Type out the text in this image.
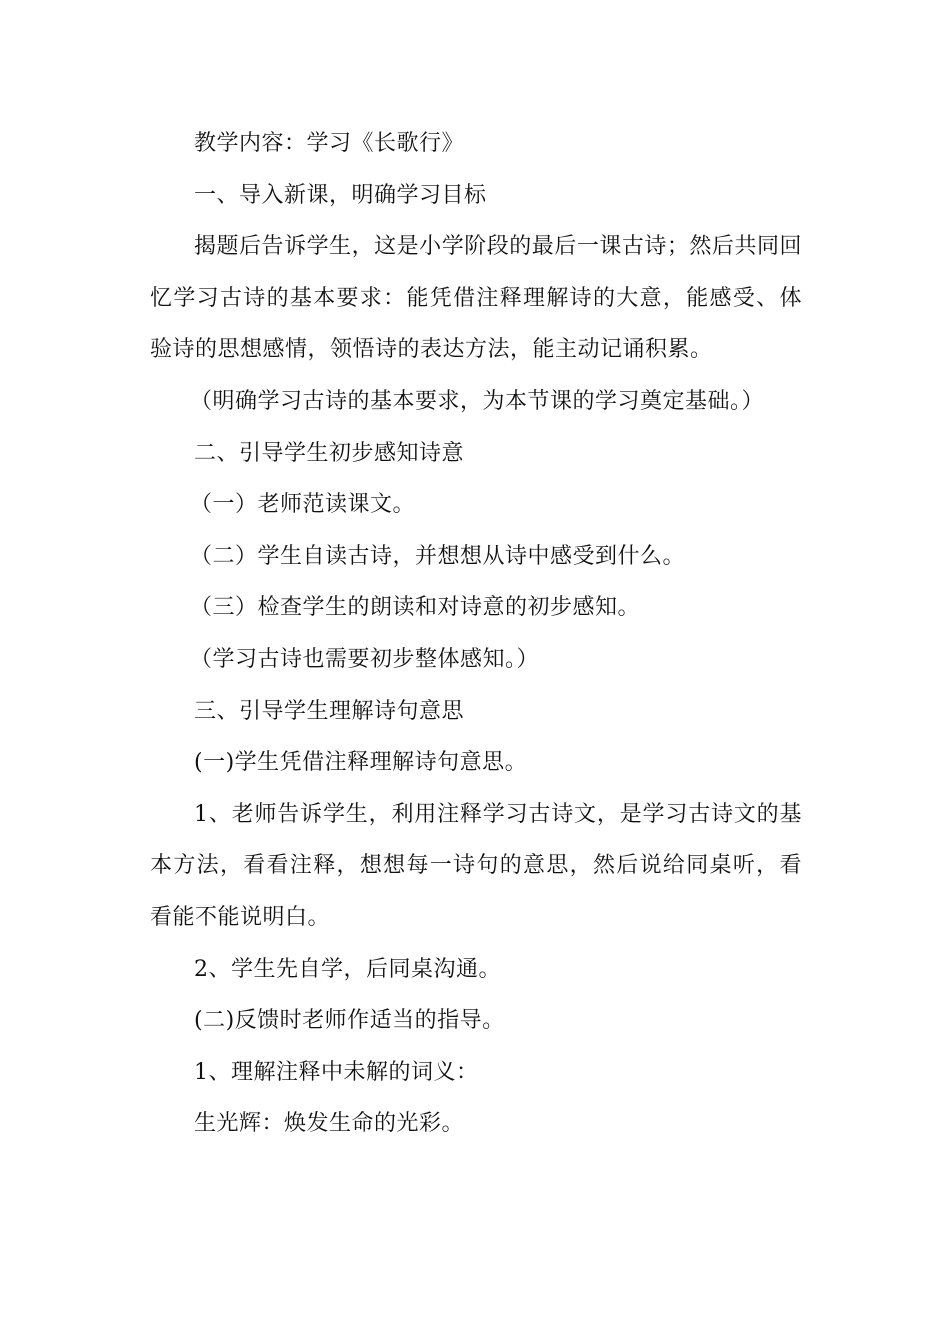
教学内容：学习《长歌行》

一、导入新课，明确学习目标

揭题后告诉学生，这是小学阶段的最后一课古诗；然后共同回忆学习古诗的基本要求：能凭借注释理解诗的大意，能感受、体验诗的思想感情，领悟诗的表达方法，能主动记诵积累。

（明确学习古诗的基本要求，为本节课的学习奠定基础。）

二、引导学生初步感知诗意

（一）老师范读课文。

（二）学生自读古诗，并想想从诗中感受到什么。

（三）检查学生的朗读和对诗意的初步感知。

（学习古诗也需要初步整体感知。）

三、引导学生理解诗句意思

(一)学生凭借注释理解诗句意思。

1、老师告诉学生，利用注释学习古诗文，是学习古诗文的基本方法，看看注释，想想每一诗句的意思，然后说给同桌听，看看能不能说明白。

2、学生先自学，后同桌沟通。

(二)反馈时老师作适当的指导。

1、理解注释中未解的词义：

生光辉：焕发生命的光彩。
